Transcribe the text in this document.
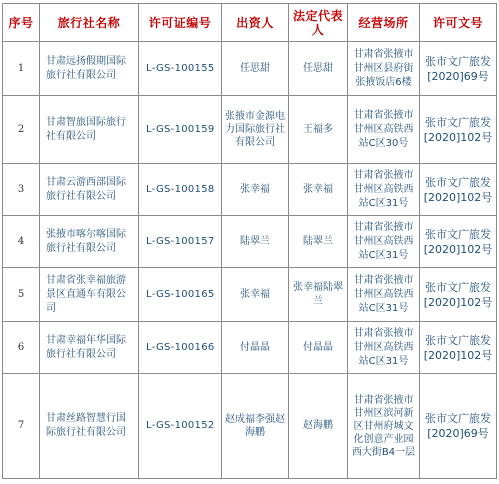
序号	旅行社名称	许可证编号	出资人	法定代表人	经营场所	许可文号
1	甘肃远扬假期国际旅行社有限公司	L-GS-100155	任思甜	任思甜	甘肃省张掖市甘州区县府街张掖饭店6楼	张市文广旅发[2020]69号
2	甘肃智旅国际旅行社有限公司	L-GS-100159	张掖市金源电力国际旅行社有限公司	王福多	甘肃省张掖市甘州区高铁西站C区30号	张市文广旅发[2020]102号
3	甘肃云游西部国际旅行社有限公司	L-GS-100158	张幸福	张幸福	甘肃省张掖市甘州区高铁西站C区31号	张市文广旅发[2020]102号
4	张掖市喀尔喀国际旅行社有限公司	L-GS-100157	陆翠兰	陆翠兰	甘肃省张掖市甘州区高铁西站C区31号	张市文广旅发[2020]102号
5	甘肃省张幸福旅游景区直通车有限公司	L-GS-100165	张幸福	张幸福陆翠兰	甘肃省张掖市甘州区高铁西站C区31号	张市文广旅发[2020]102号
6	甘肃幸福年华国际旅行社有限公司	L-GS-100166	付晶晶	付晶晶	甘肃省张掖市甘州区高铁西站C区31号	张市文广旅发[2020]102号
7	甘肃丝路智慧行国际旅行社有限公司	L-GS-100152	赵成福李强赵海鹏	赵海鹏	甘肃省张掖市甘州区滨河新区甘州府城文化创意产业园西大街B4一层	张市文广旅发[2020]69号
